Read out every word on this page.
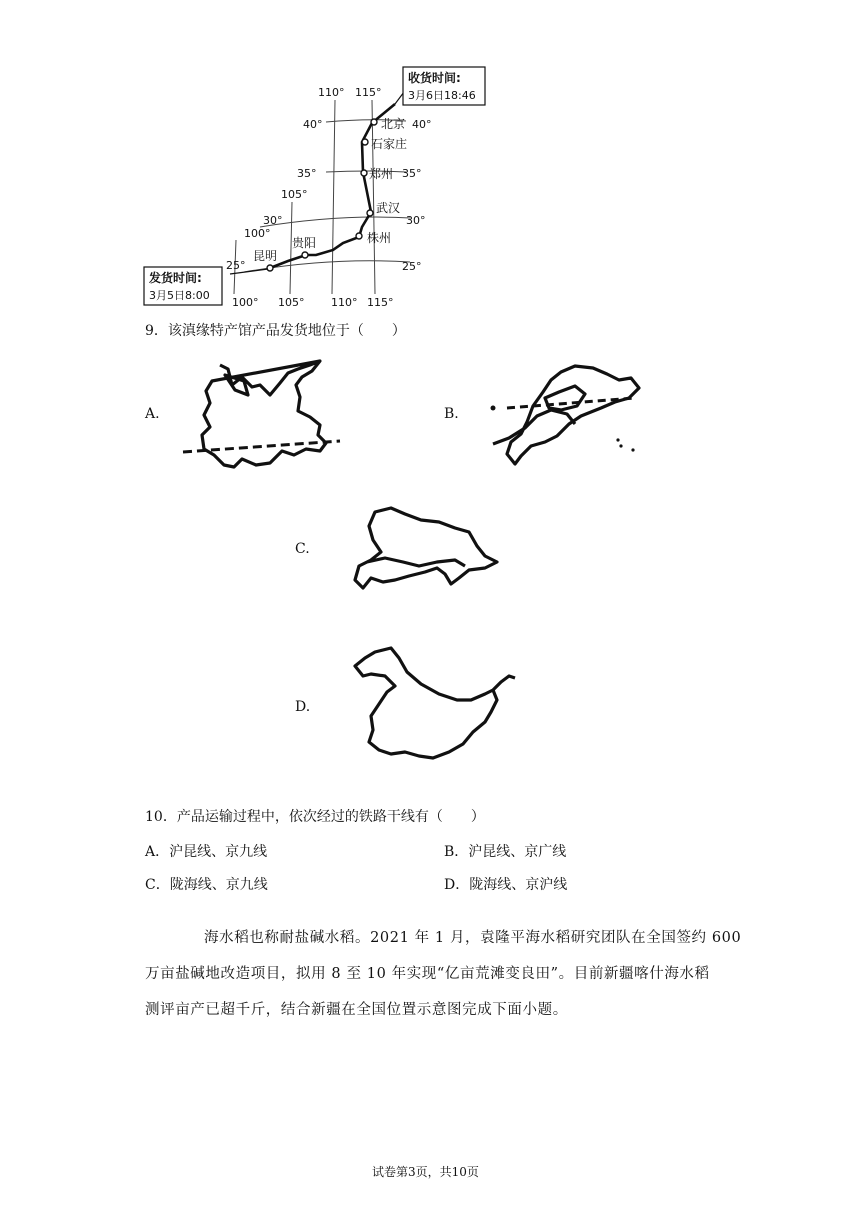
110° 115°
105°
100°
100° 105° 110° 115°
40°
35°
30°
25°
40°
35°
30°
25°
北京
石家庄
郑州
武汉
株州
贵阳
昆明
收货时间:
3月6日18:46
发货时间:
3月5日8:00
9．该滇缘特产馆产品发货地位于（　　）
A.	B.
C.
D.
10．产品运输过程中，依次经过的铁路干线有（　　）
A．沪昆线、京九线	B．沪昆线、京广线
C．陇海线、京九线	D．陇海线、京沪线
海水稻也称耐盐碱水稻。2021 年 1 月，袁隆平海水稻研究团队在全国签约 600
万亩盐碱地改造项目，拟用 8 至 10 年实现“亿亩荒滩变良田”。目前新疆喀什海水稻
测评亩产已超千斤，结合新疆在全国位置示意图完成下面小题。
试卷第3页，共10页
